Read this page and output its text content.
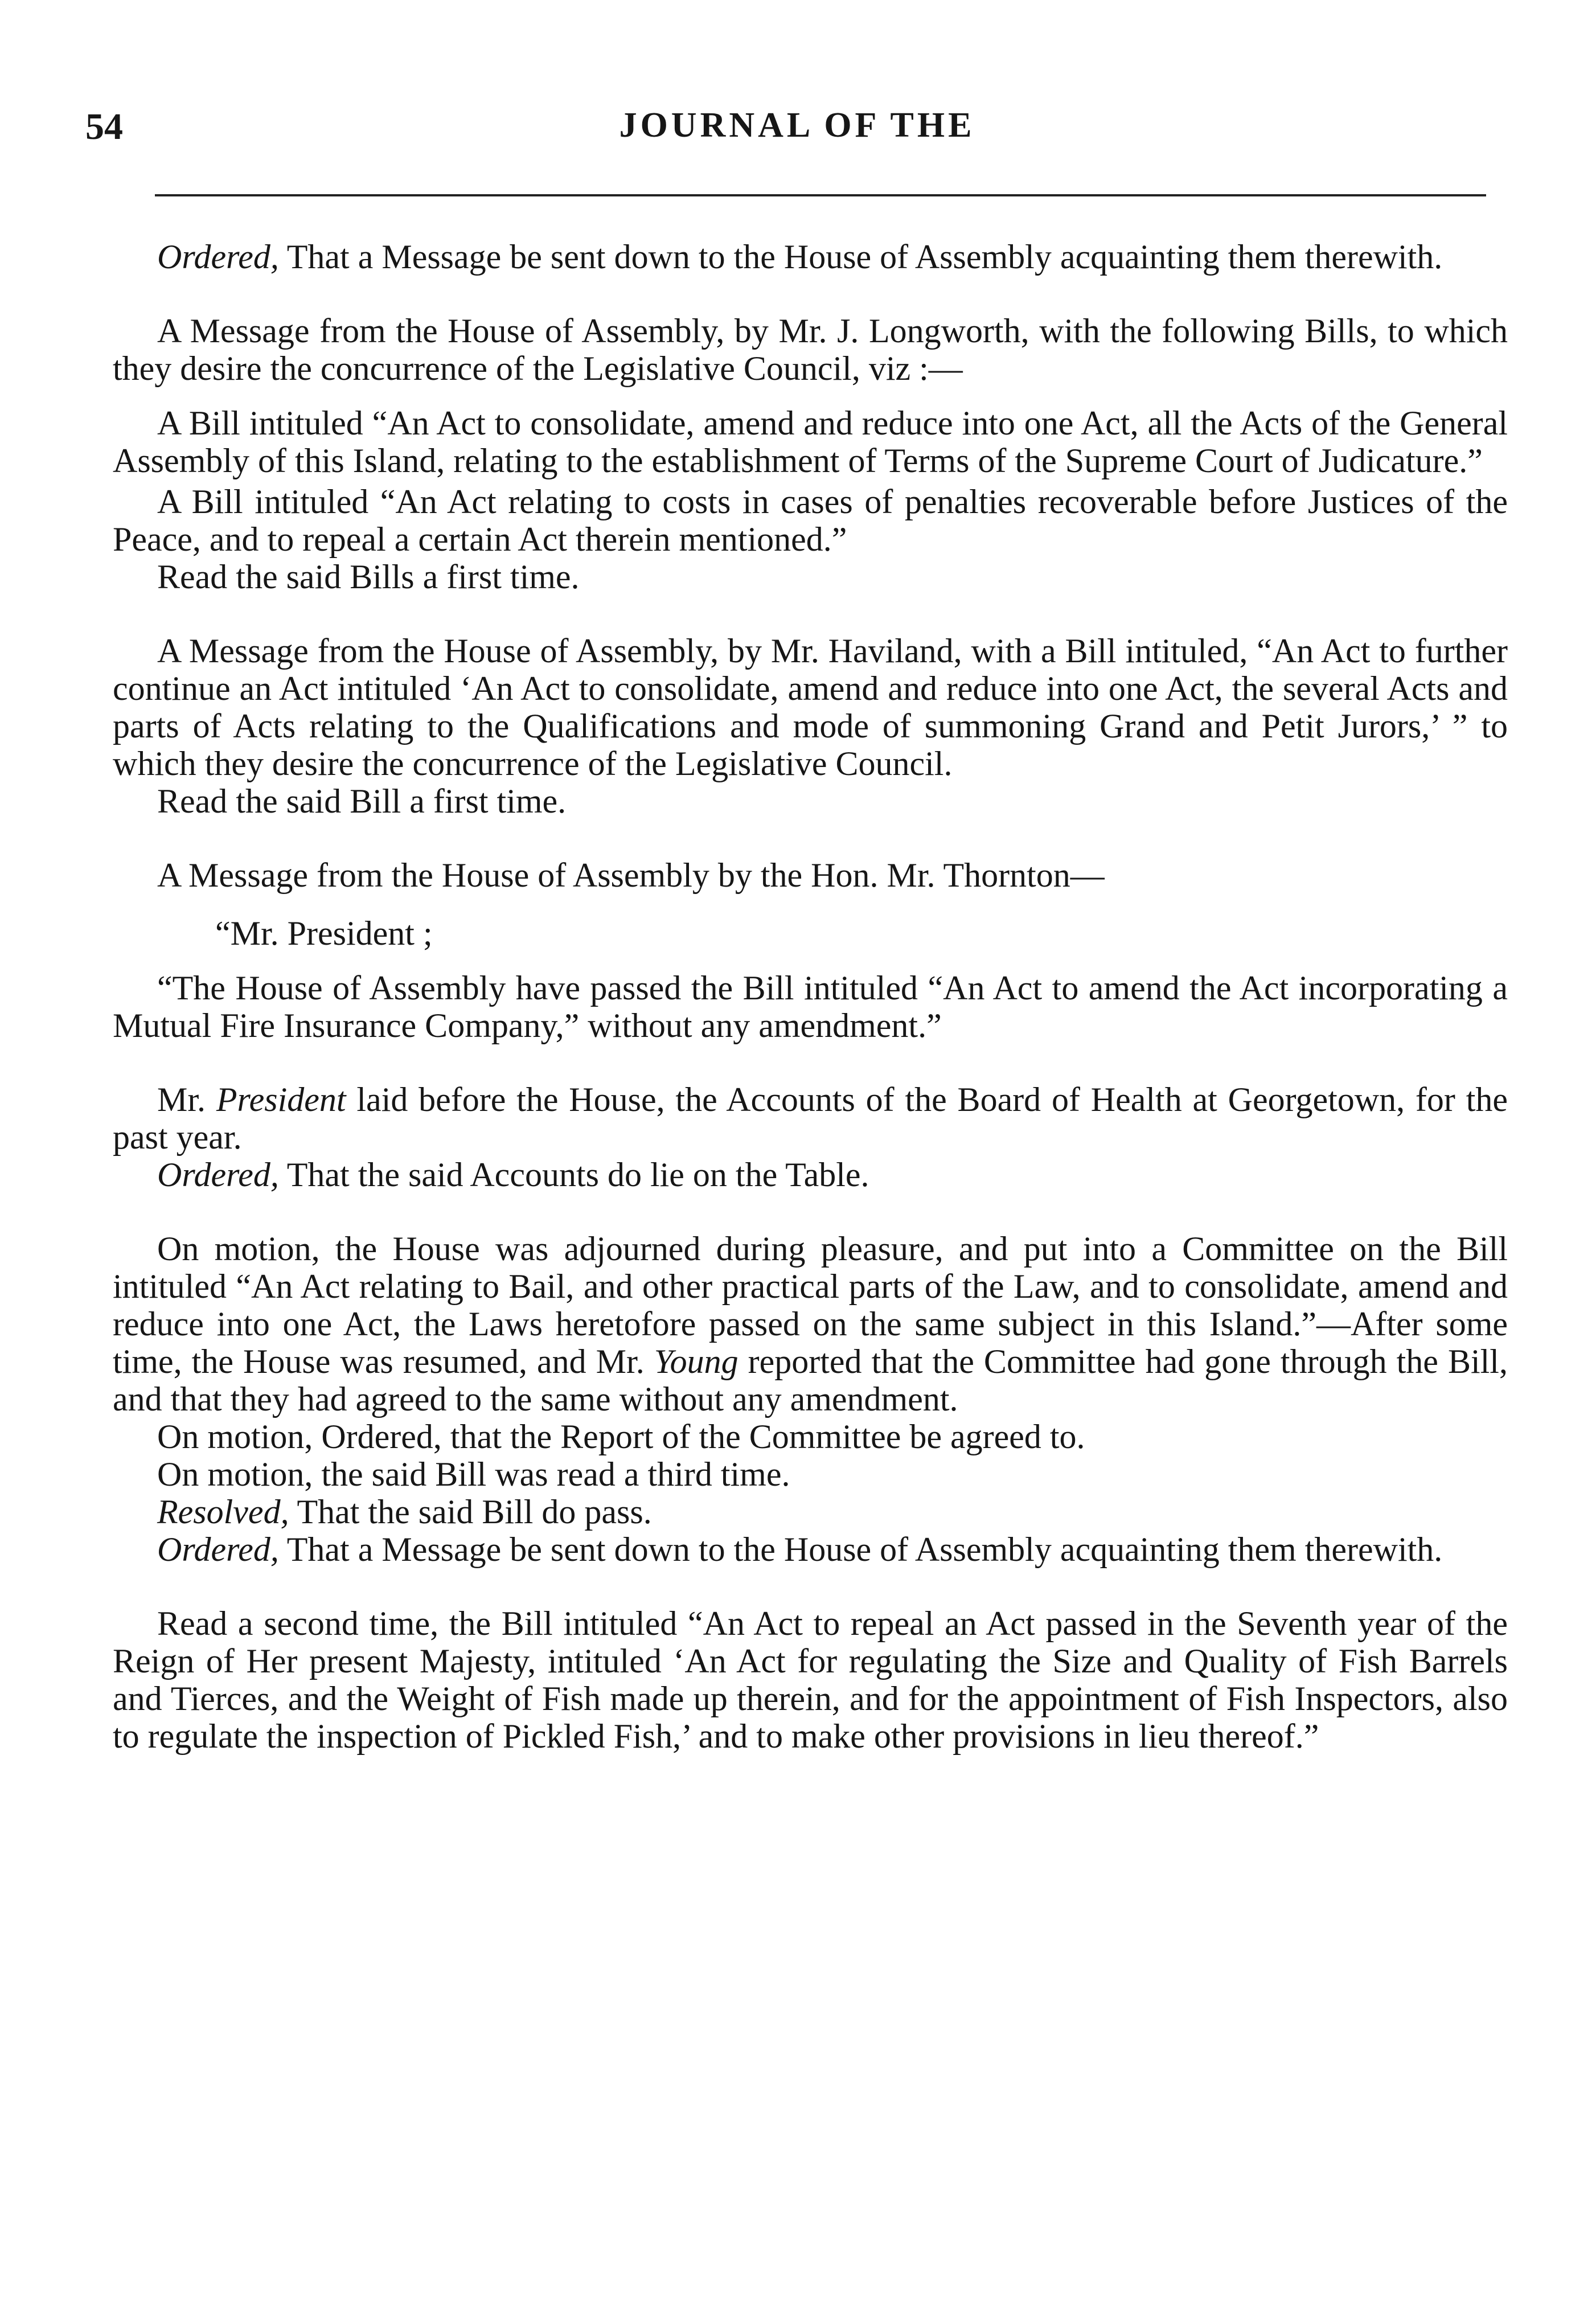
54	JOURNAL OF THE

Ordered, That a Message be sent down to the House of Assembly acquainting them therewith.

A Message from the House of Assembly, by Mr. J. Longworth, with the following Bills, to which they desire the concurrence of the Legislative Council, viz :—

A Bill intituled “An Act to consolidate, amend and reduce into one Act, all the Acts of the General Assembly of this Island, relating to the establishment of Terms of the Supreme Court of Judicature.”

A Bill intituled “An Act relating to costs in cases of penalties recoverable before Justices of the Peace, and to repeal a certain Act therein mentioned.”

Read the said Bills a first time.

A Message from the House of Assembly, by Mr. Haviland, with a Bill intituled, “An Act to further continue an Act intituled ‘An Act to consolidate, amend and reduce into one Act, the several Acts and parts of Acts relating to the Qualifications and mode of summoning Grand and Petit Jurors,’ ” to which they desire the concurrence of the Legislative Council.

Read the said Bill a first time.

A Message from the House of Assembly by the Hon. Mr. Thornton—

“Mr. President ;

“The House of Assembly have passed the Bill intituled “An Act to amend the Act incorporating a Mutual Fire Insurance Company,” without any amendment.”

Mr. President laid before the House, the Accounts of the Board of Health at Georgetown, for the past year.

Ordered, That the said Accounts do lie on the Table.

On motion, the House was adjourned during pleasure, and put into a Committee on the Bill intituled “An Act relating to Bail, and other practical parts of the Law, and to consolidate, amend and reduce into one Act, the Laws heretofore passed on the same subject in this Island.”—After some time, the House was resumed, and Mr. Young reported that the Committee had gone through the Bill, and that they had agreed to the same without any amendment.

On motion, Ordered, that the Report of the Committee be agreed to.

On motion, the said Bill was read a third time.

Resolved, That the said Bill do pass.

Ordered, That a Message be sent down to the House of Assembly acquainting them therewith.

Read a second time, the Bill intituled “An Act to repeal an Act passed in the Seventh year of the Reign of Her present Majesty, intituled ‘An Act for regulating the Size and Quality of Fish Barrels and Tierces, and the Weight of Fish made up therein, and for the appointment of Fish Inspectors, also to regulate the inspection of Pickled Fish,’ and to make other provisions in lieu thereof.”
